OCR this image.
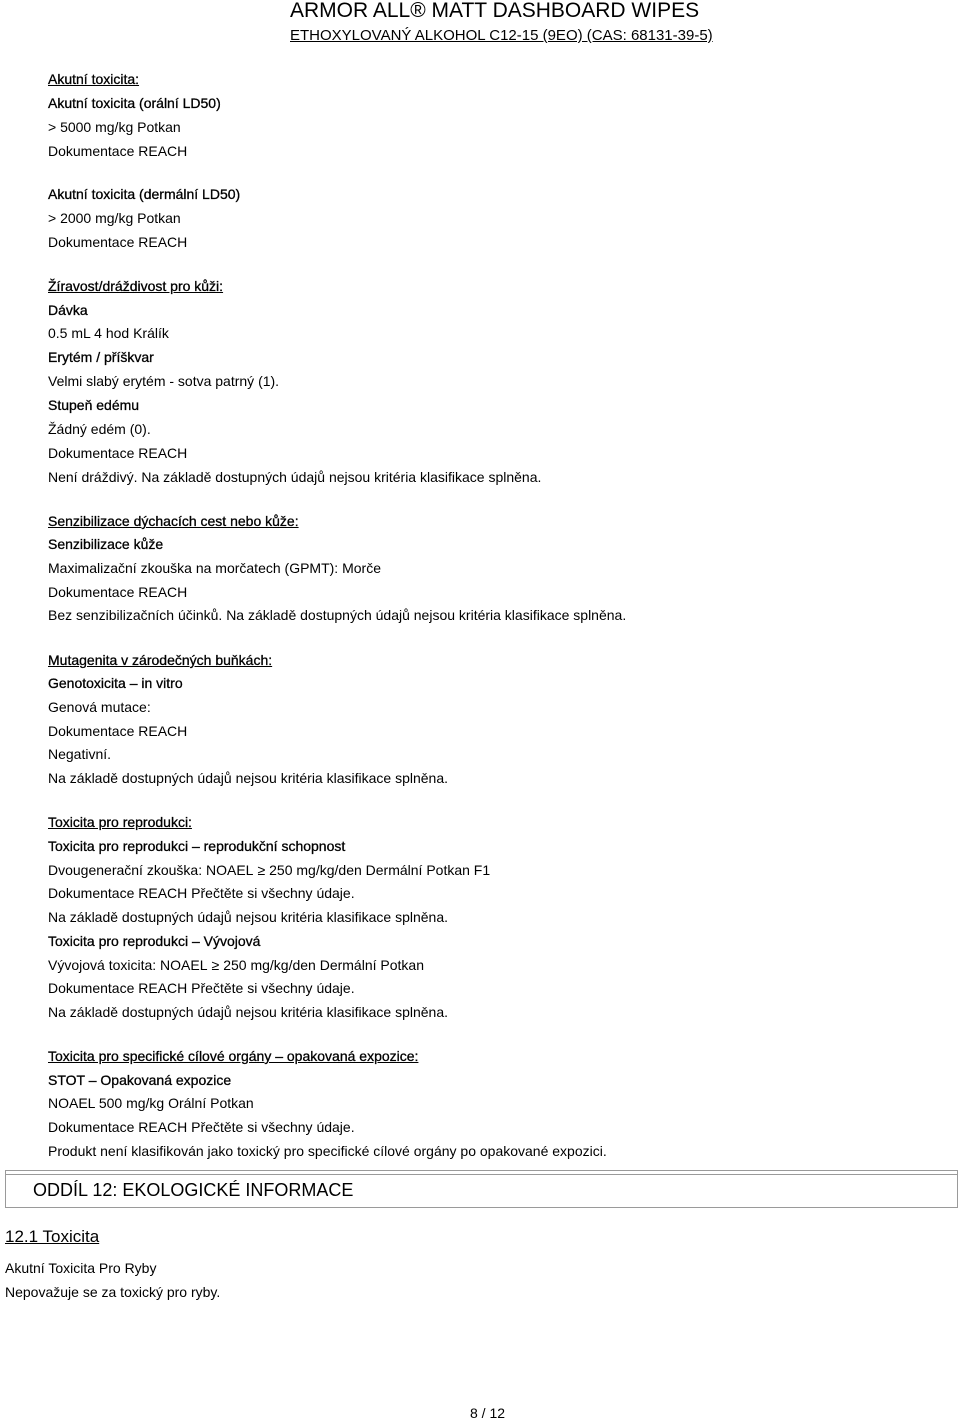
ARMOR ALL® MATT DASHBOARD WIPES
ETHOXYLOVANÝ ALKOHOL C12-15 (9EO) (CAS: 68131-39-5)
Akutní toxicita:
Akutní toxicita (orální LD50)
> 5000 mg/kg Potkan
Dokumentace REACH
Akutní toxicita (dermální LD50)
> 2000 mg/kg Potkan
Dokumentace REACH
Žíravost/dráždivost pro kůži:
Dávka
0.5 mL 4 hod Králík
Erytém / příškvar
Velmi slabý erytém - sotva patrný (1).
Stupeň edému
Žádný edém (0).
Dokumentace REACH
Není dráždivý. Na základě dostupných údajů nejsou kritéria klasifikace splněna.
Senzibilizace dýchacích cest nebo kůže:
Senzibilizace kůže
Maximalizační zkouška na morčatech (GPMT): Morče
Dokumentace REACH
Bez senzibilizačních účinků. Na základě dostupných údajů nejsou kritéria klasifikace splněna.
Mutagenita v zárodečných buňkách:
Genotoxicita – in vitro
Genová mutace:
Dokumentace REACH
Negativní.
Na základě dostupných údajů nejsou kritéria klasifikace splněna.
Toxicita pro reprodukci:
Toxicita pro reprodukci – reprodukční schopnost
Dvougenerační zkouška: NOAEL ≥ 250 mg/kg/den Dermální Potkan F1
Dokumentace REACH Přečtěte si všechny údaje.
Na základě dostupných údajů nejsou kritéria klasifikace splněna.
Toxicita pro reprodukci – Vývojová
Vývojová toxicita: NOAEL ≥ 250 mg/kg/den Dermální Potkan
Dokumentace REACH Přečtěte si všechny údaje.
Na základě dostupných údajů nejsou kritéria klasifikace splněna.
Toxicita pro specifické cílové orgány – opakovaná expozice:
STOT – Opakovaná expozice
NOAEL 500 mg/kg Orální Potkan
Dokumentace REACH Přečtěte si všechny údaje.
Produkt není klasifikován jako toxický pro specifické cílové orgány po opakované expozici.
ODDÍL 12: EKOLOGICKÉ INFORMACE
12.1 Toxicita
Akutní Toxicita Pro Ryby
Nepovažuje se za toxický pro ryby.
8 / 12
